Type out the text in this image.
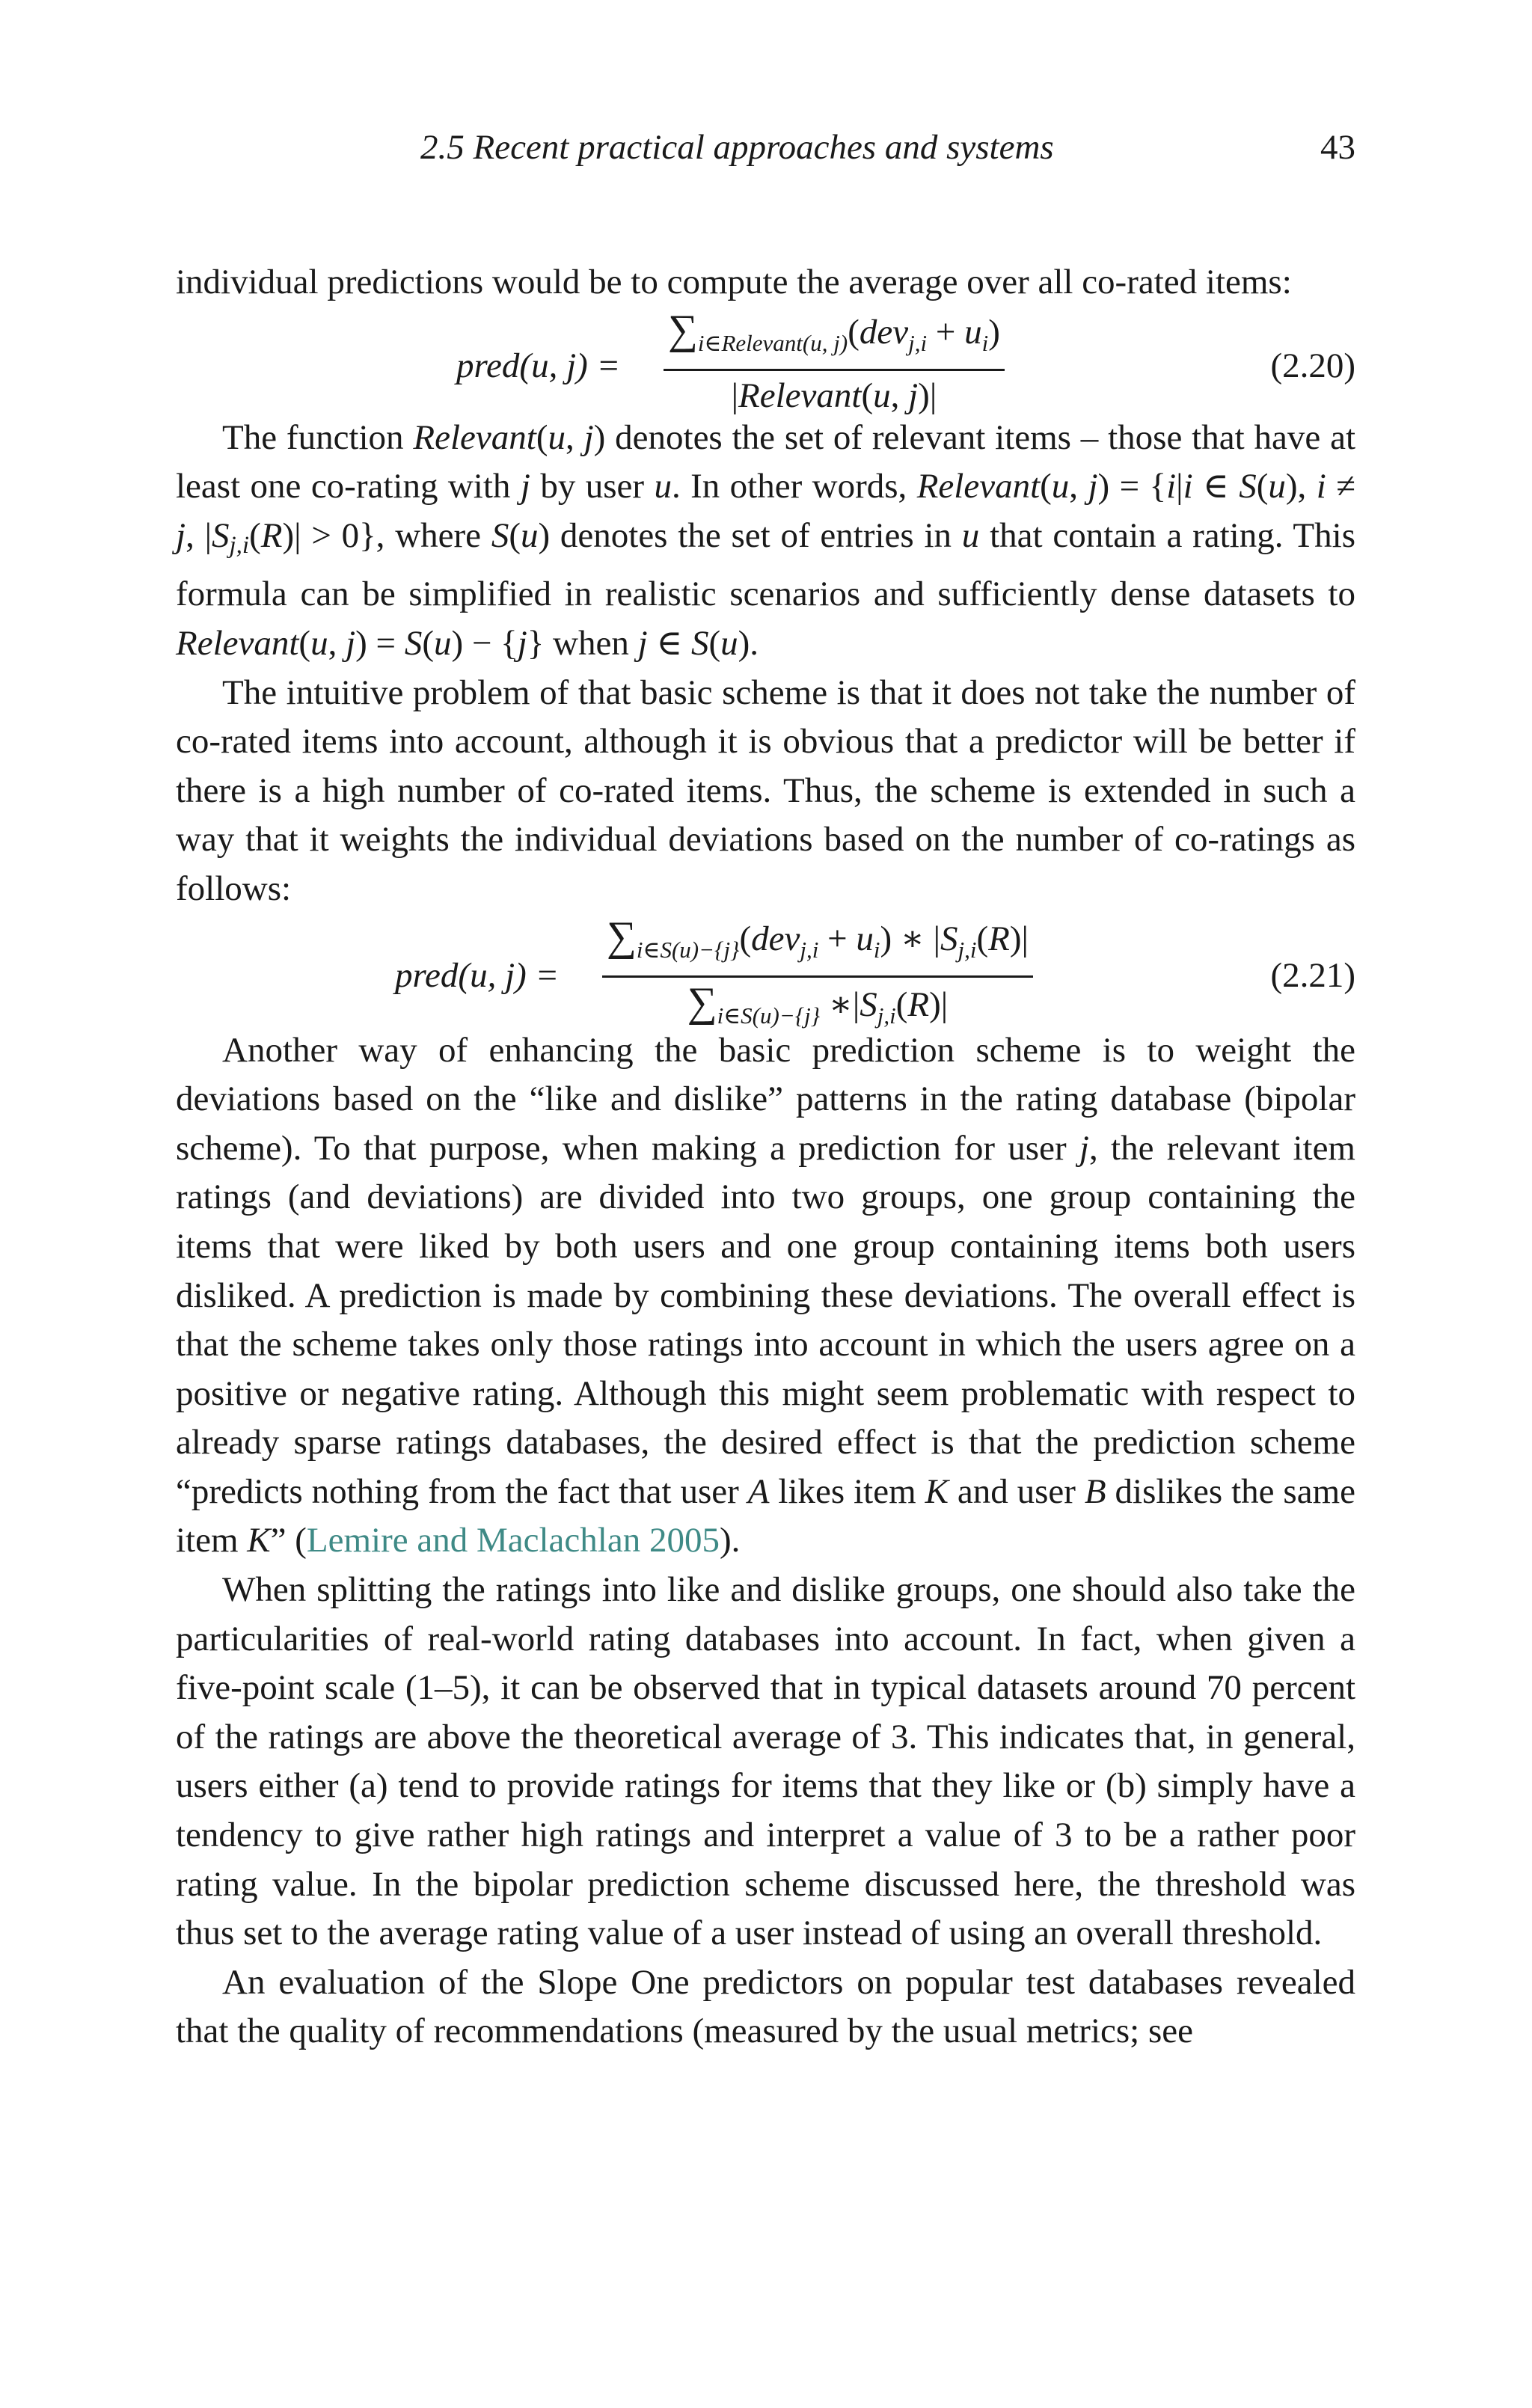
2.5 Recent practical approaches and systems	43

individual predictions would be to compute the average over all co-rated items:

pred(u, j) =
$\sum_{i\in Relevant(u, j)}(dev_{j,i} + u_i)$
|Relevant(u, j)|
(2.20)

The function Relevant(u, j) denotes the set of relevant items – those that have at least one co-rating with j by user u. In other words, Relevant(u, j) = {i|i ∈ S(u), i ≠ j, $|S_{j,i}(R)| > 0$}, where S(u) denotes the set of entries in u that contain a rating. This formula can be simplified in realistic scenarios and sufficiently dense datasets to Relevant(u, j) = S(u) − {j} when j ∈ S(u).

The intuitive problem of that basic scheme is that it does not take the number of co-rated items into account, although it is obvious that a predictor will be better if there is a high number of co-rated items. Thus, the scheme is extended in such a way that it weights the individual deviations based on the number of co-ratings as follows:

pred(u, j) =
$\sum_{i\in S(u)-\{j\}}(dev_{j,i} + u_i)$ ∗ $|S_{j,i}(R)|$
$\sum_{i\in S(u)-\{j\}}$ $∗|S_{j,i}(R)|$
(2.21)

Another way of enhancing the basic prediction scheme is to weight the deviations based on the “like and dislike” patterns in the rating database (bipolar scheme). To that purpose, when making a prediction for user j, the relevant item ratings (and deviations) are divided into two groups, one group containing the items that were liked by both users and one group containing items both users disliked. A prediction is made by combining these deviations. The overall effect is that the scheme takes only those ratings into account in which the users agree on a positive or negative rating. Although this might seem problematic with respect to already sparse ratings databases, the desired effect is that the prediction scheme “predicts nothing from the fact that user A likes item K and user B dislikes the same item K” (Lemire and Maclachlan 2005).

When splitting the ratings into like and dislike groups, one should also take the particularities of real-world rating databases into account. In fact, when given a five-point scale (1–5), it can be observed that in typical datasets around 70 percent of the ratings are above the theoretical average of 3. This indicates that, in general, users either (a) tend to provide ratings for items that they like or (b) simply have a tendency to give rather high ratings and interpret a value of 3 to be a rather poor rating value. In the bipolar prediction scheme discussed here, the threshold was thus set to the average rating value of a user instead of using an overall threshold.

An evaluation of the Slope One predictors on popular test databases revealed that the quality of recommendations (measured by the usual metrics; see
